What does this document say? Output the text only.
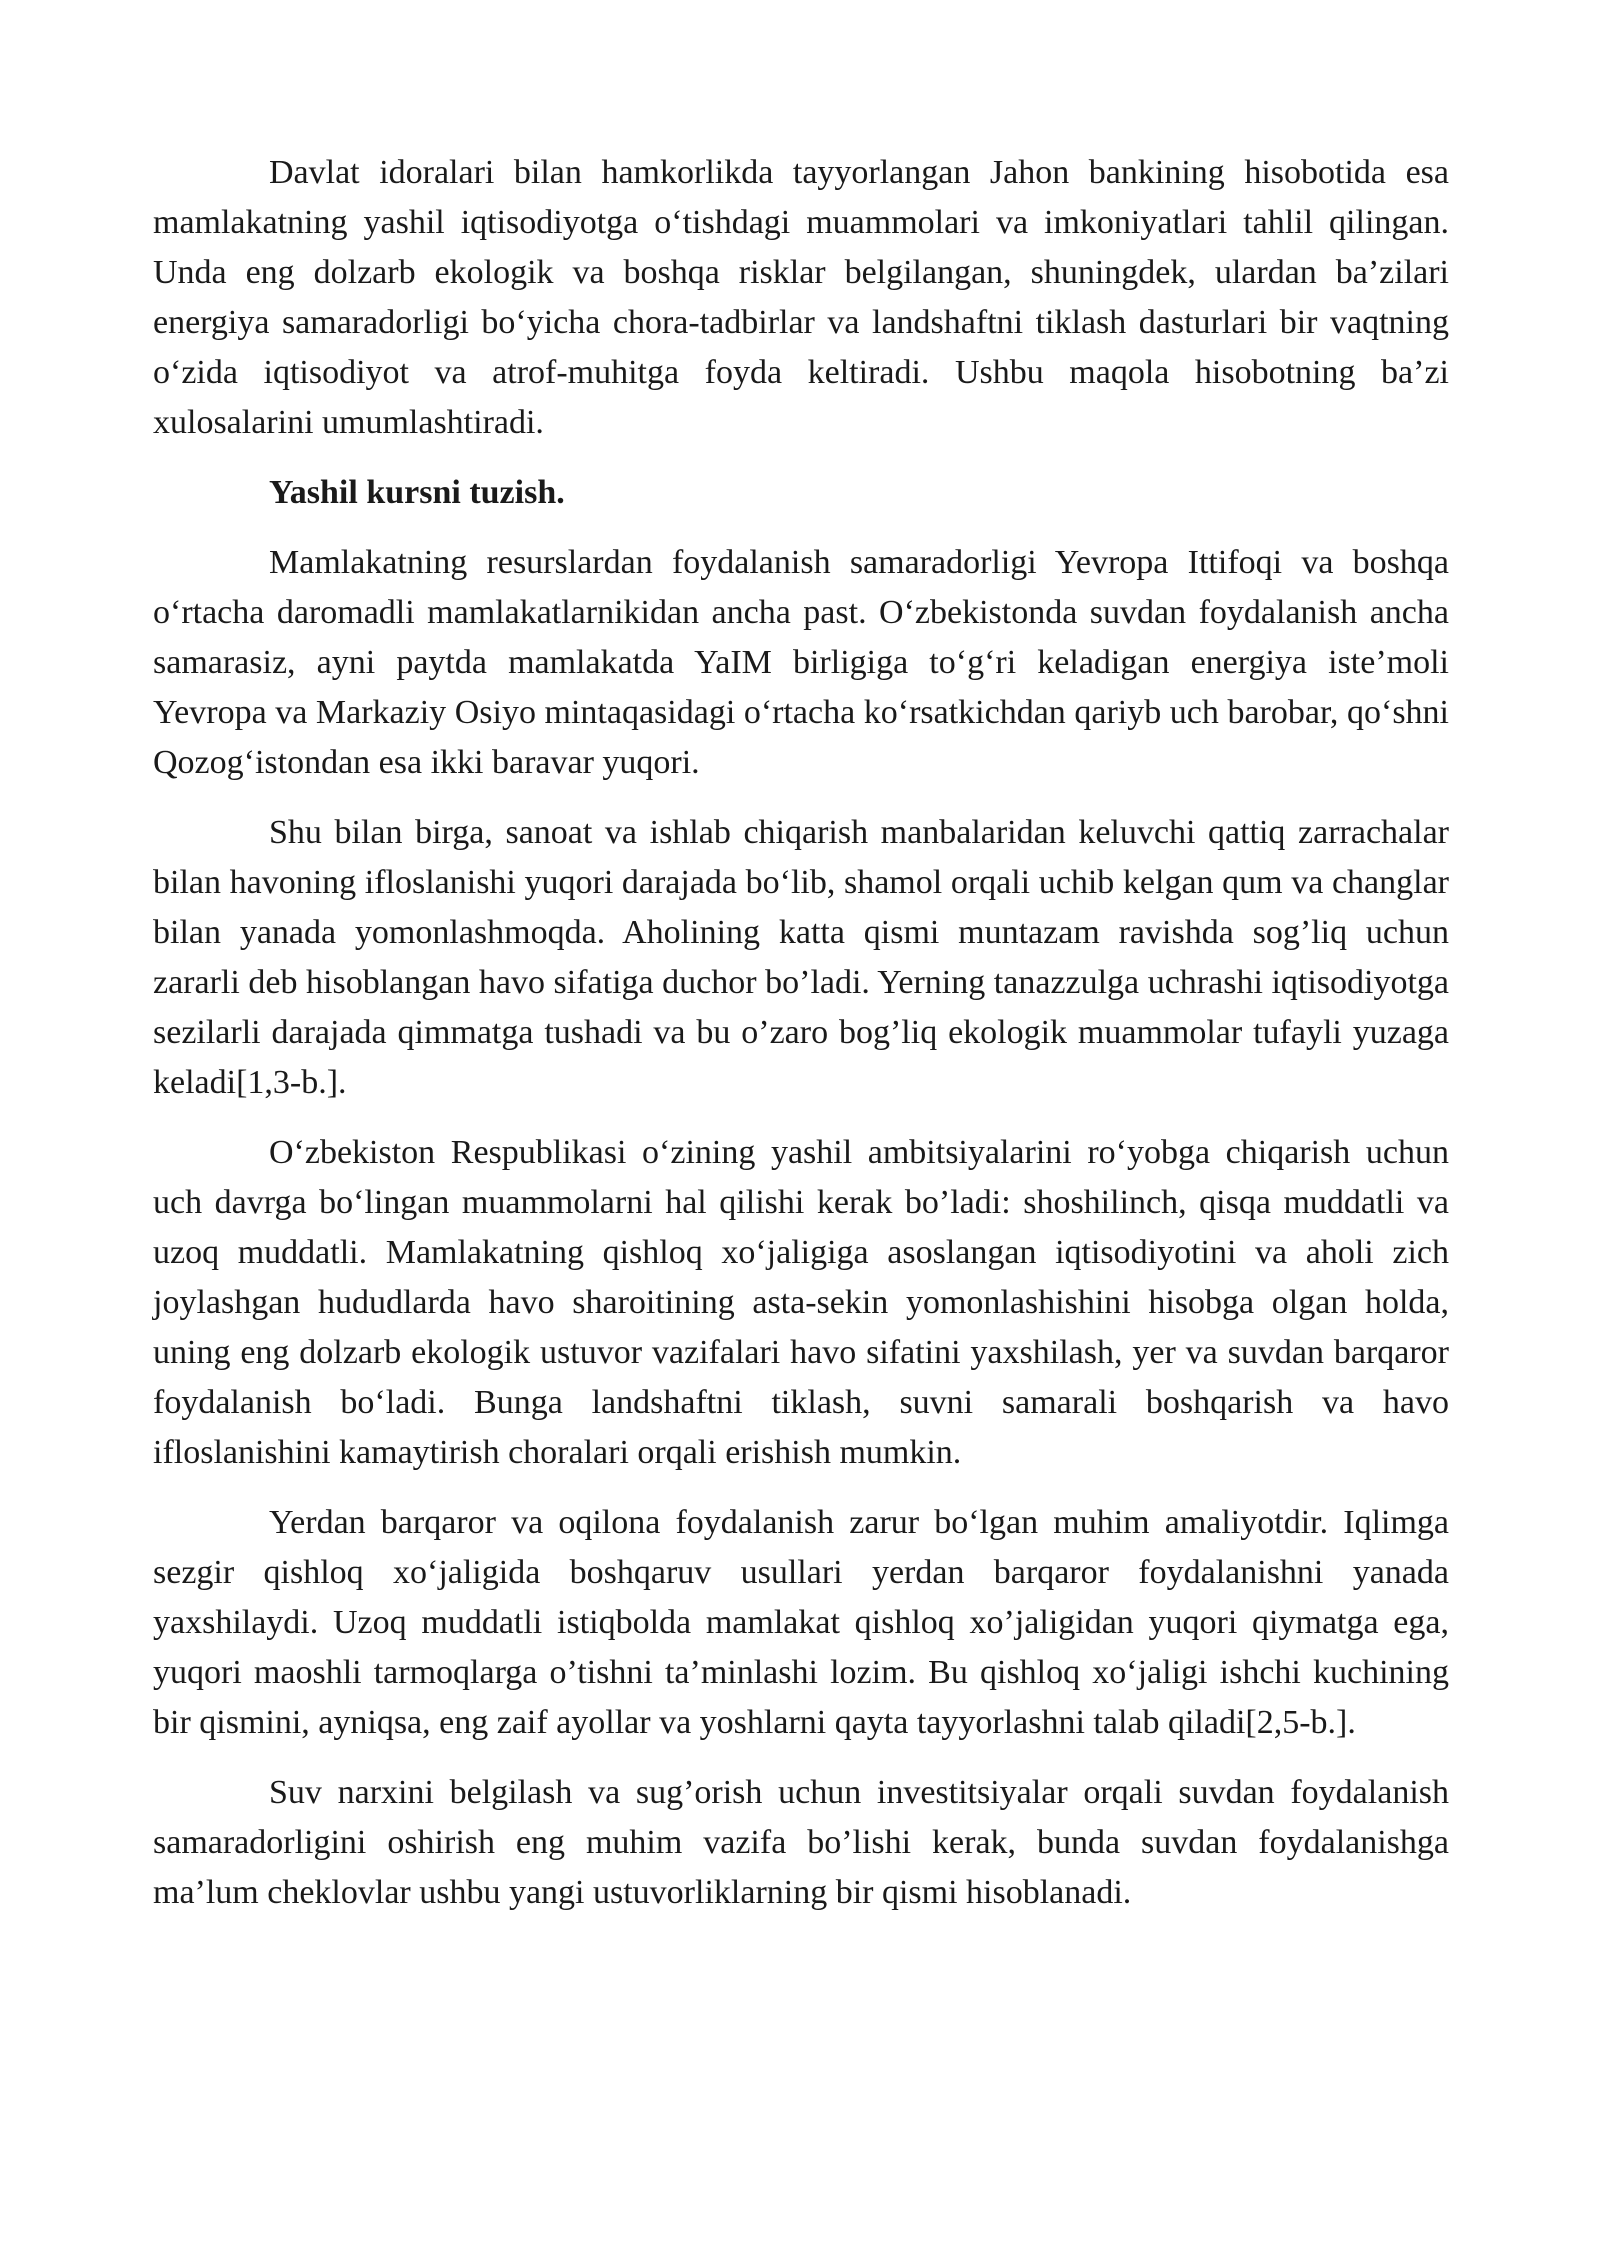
Davlat idoralari bilan hamkorlikda tayyorlangan Jahon bankining hisobotida esa mamlakatning yashil iqtisodiyotga o‘tishdagi muammolari va imkoniyatlari tahlil qilingan. Unda eng dolzarb ekologik va boshqa risklar belgilangan, shuningdek, ulardan ba’zilari energiya samaradorligi bo‘yicha chora-tadbirlar va landshaftni tiklash dasturlari bir vaqtning o‘zida iqtisodiyot va atrof-muhitga foyda keltiradi. Ushbu maqola hisobotning ba’zi xulosalarini umumlashtiradi.

Yashil kursni tuzish.

Mamlakatning resurslardan foydalanish samaradorligi Yevropa Ittifoqi va boshqa o‘rtacha daromadli mamlakatlarnikidan ancha past. O‘zbekistonda suvdan foydalanish ancha samarasiz, ayni paytda mamlakatda YaIM birligiga to‘g‘ri keladigan energiya iste’moli Yevropa va Markaziy Osiyo mintaqasidagi o‘rtacha ko‘rsatkichdan qariyb uch barobar, qo‘shni Qozog‘istondan esa ikki baravar yuqori.

Shu bilan birga, sanoat va ishlab chiqarish manbalaridan keluvchi qattiq zarrachalar bilan havoning ifloslanishi yuqori darajada bo‘lib, shamol orqali uchib kelgan qum va changlar bilan yanada yomonlashmoqda. Aholining katta qismi muntazam ravishda sog’liq uchun zararli deb hisoblangan havo sifatiga duchor bo’ladi. Yerning tanazzulga uchrashi iqtisodiyotga sezilarli darajada qimmatga tushadi va bu o’zaro bog’liq ekologik muammolar tufayli yuzaga keladi[1,3-b.].

O‘zbekiston Respublikasi o‘zining yashil ambitsiyalarini ro‘yobga chiqarish uchun uch davrga bo‘lingan muammolarni hal qilishi kerak bo’ladi: shoshilinch, qisqa muddatli va uzoq muddatli. Mamlakatning qishloq xo‘jaligiga asoslangan iqtisodiyotini va aholi zich joylashgan hududlarda havo sharoitining asta-sekin yomonlashishini hisobga olgan holda, uning eng dolzarb ekologik ustuvor vazifalari havo sifatini yaxshilash, yer va suvdan barqaror foydalanish bo‘ladi. Bunga landshaftni tiklash, suvni samarali boshqarish va havo ifloslanishini kamaytirish choralari orqali erishish mumkin.

Yerdan barqaror va oqilona foydalanish zarur bo‘lgan muhim amaliyotdir. Iqlimga sezgir qishloq xo‘jaligida boshqaruv usullari yerdan barqaror foydalanishni yanada yaxshilaydi. Uzoq muddatli istiqbolda mamlakat qishloq xo’jaligidan yuqori qiymatga ega, yuqori maoshli tarmoqlarga o’tishni ta’minlashi lozim. Bu qishloq xo‘jaligi ishchi kuchining bir qismini, ayniqsa, eng zaif ayollar va yoshlarni qayta tayyorlashni talab qiladi[2,5-b.].

Suv narxini belgilash va sug’orish uchun investitsiyalar orqali suvdan foydalanish samaradorligini oshirish eng muhim vazifa bo’lishi kerak, bunda suvdan foydalanishga ma’lum cheklovlar ushbu yangi ustuvorliklarning bir qismi hisoblanadi.
